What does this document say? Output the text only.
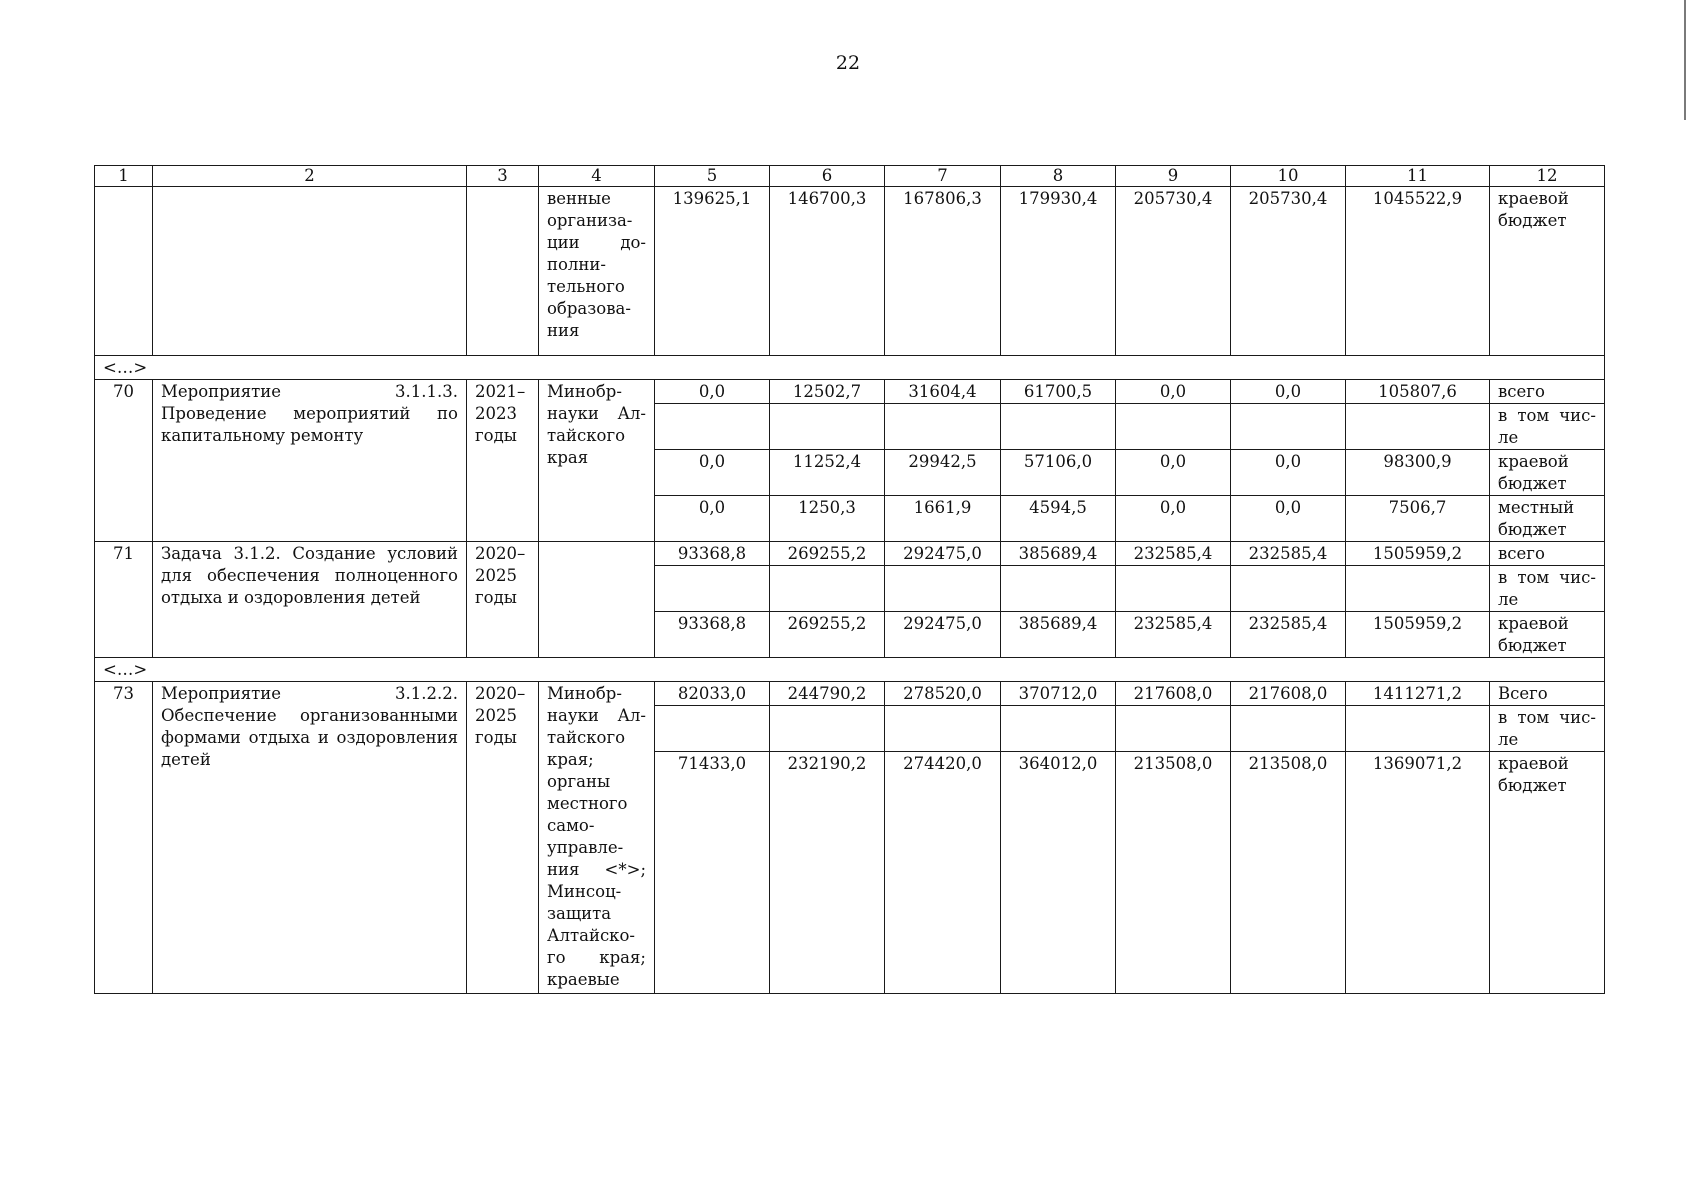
22
1	2	3	4	5	6	7	8	9	10	11	12
			венные организа-ции до-полни-тельного образова-ния	139625,1	146700,3	167806,3	179930,4	205730,4	205730,4	1045522,9	краевой бюджет
<…>											
70	Мероприятие 3.1.1.3. Проведение мероприятий по капитальному ремонту	2021–2023 годы	Минобр-науки Ал-тайского края	0,0	12502,7	31604,4	61700,5	0,0	0,0	105807,6	всего
											в том чис-ле
				0,0	11252,4	29942,5	57106,0	0,0	0,0	98300,9	краевой бюджет
				0,0	1250,3	1661,9	4594,5	0,0	0,0	7506,7	местный бюджет
71	Задача 3.1.2. Создание условий для обеспечения полноценного отдыха и оздоровления детей	2020–2025 годы		93368,8	269255,2	292475,0	385689,4	232585,4	232585,4	1505959,2	всего
											в том чис-ле
				93368,8	269255,2	292475,0	385689,4	232585,4	232585,4	1505959,2	краевой бюджет
<…>											
73	Мероприятие 3.1.2.2. Обеспечение организованными формами отдыха и оздоровления детей	2020–2025 годы	Минобр-науки Ал-тайского края; органы местного само-управле-ния <*>; Минсоц-защита Алтайско-го края; краевые	82033,0	244790,2	278520,0	370712,0	217608,0	217608,0	1411271,2	Всего
											в том чис-ле
				71433,0	232190,2	274420,0	364012,0	213508,0	213508,0	1369071,2	краевой бюджет
